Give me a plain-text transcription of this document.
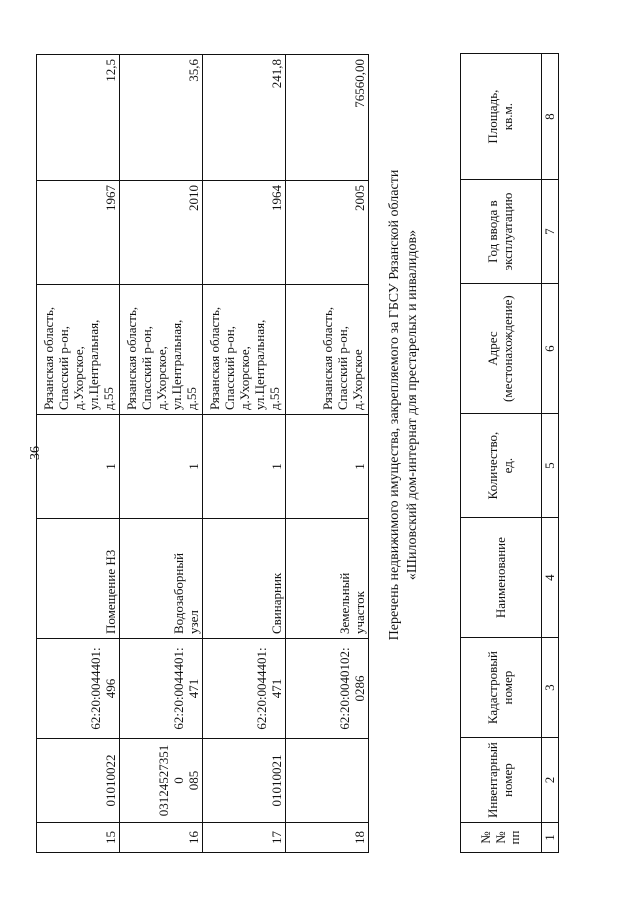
36
15	01010022	62:20:0044401:
496	Помещение Н3	1	Рязанская область,
Спасский р-он,
д.Ухорское,
ул.Центральная,
д.55	1967	12,5
16	03124527351 0
085	62:20:0044401:
471	Водозаборный
узел	1	Рязанская область,
Спасский р-он,
д.Ухорское,
ул.Центральная,
д.55	2010	35,6
17	01010021	62:20:0044401:
471	Свинарник	1	Рязанская область,
Спасский р-он,
д.Ухорское,
ул.Центральная,
д.55	1964	241,8
18		62:20:0040102:
0286	Земельный
участок	1	Рязанская область,
Спасский р-он,
д.Ухорское	2005	76560,00
Перечень недвижимого имущества, закрепляемого за ГБСУ Рязанской области «Шиловский дом-интернат для престарелых и инвалидов»
№
№
пп	Инвентарный
номер	Кадастровый
номер	Наименование	Количество,
ед.	Адрес
(местонахождение)	Год ввода в
эксплуатацию	Площадь,
кв.м.
1	2	3	4	5	6	7	8
